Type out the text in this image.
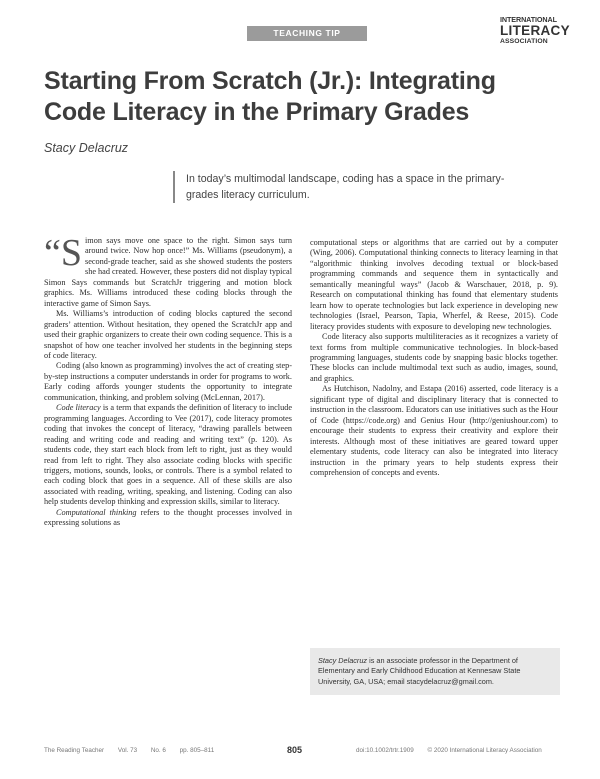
TEACHING TIP
INTERNATIONAL
LITERACY
ASSOCIATION
Starting From Scratch (Jr.): Integrating Code Literacy in the Primary Grades
Stacy Delacruz
In today’s multimodal landscape, coding has a space in the primary-grades literacy curriculum.

“Simon says move one space to the right. Simon says turn around twice. Now hop once!” Ms. Williams (pseudonym), a second-grade teacher, said as she showed students the posters she had created. However, these posters did not display typical Simon Says commands but ScratchJr triggering and motion block graphics. Ms. Williams introduced these coding blocks through the interactive game of Simon Says.

Ms. Williams’s introduction of coding blocks captured the second graders’ attention. Without hesitation, they opened the ScratchJr app and used their graphic organizers to create their own coding sequence. This is a snapshot of how one teacher involved her students in the beginning steps of code literacy.

Coding (also known as programming) involves the act of creating step-by-step instructions a computer understands in order for programs to work. Early coding affords younger students the opportunity to integrate communication, thinking, and problem solving (McLennan, 2017).

Code literacy is a term that expands the definition of literacy to include programming languages. According to Vee (2017), code literacy promotes coding that invokes the concept of literacy, “drawing parallels between reading and writing code and reading and writing text” (p. 120). As students code, they start each block from left to right, just as they would read from left to right. They also associate coding blocks with specific triggers, motions, sounds, looks, or controls. There is a symbol related to each coding block that goes in a sequence. All of these skills are also associated with reading, writing, speaking, and listening. Coding can also help students develop thinking and expression skills, similar to literacy.

Computational thinking refers to the thought processes involved in expressing solutions as

computational steps or algorithms that are carried out by a computer (Wing, 2006). Computational thinking connects to literacy learning in that “algorithmic thinking involves decoding textual or block-based programming commands and sequence them in syntactically and semantically meaningful ways” (Jacob & Warschauer, 2018, p. 9). Research on computational thinking has found that elementary students learn how to operate technologies but lack experience in developing new technologies (Israel, Pearson, Tapia, Wherfel, & Reese, 2015). Code literacy provides students with exposure to developing new technologies.

Code literacy also supports multiliteracies as it recognizes a variety of text forms from multiple communicative technologies. In block-based programming languages, students code by snapping basic blocks together. These blocks can include multimodal text such as audio, images, sound, and graphics.

As Hutchison, Nadolny, and Estapa (2016) asserted, code literacy is a significant type of digital and disciplinary literacy that is connected to instruction in the classroom. Educators can use initiatives such as the Hour of Code (https://code.org) and Genius Hour (http://geniushour.com) to encourage their students to express their creativity and explore their interests. Although most of these initiatives are geared toward upper elementary students, code literacy can also be integrated into literacy instruction in the primary years to help students express their comprehension of concepts and events.

Stacy Delacruz is an associate professor in the Department of Elementary and Early Childhood Education at Kennesaw State University, GA, USA; email stacydelacruz@gmail.com.
The Reading Teacher Vol. 73 No. 6 pp. 805–811	805	doi:10.1002/trtr.1909 © 2020 International Literacy Association
